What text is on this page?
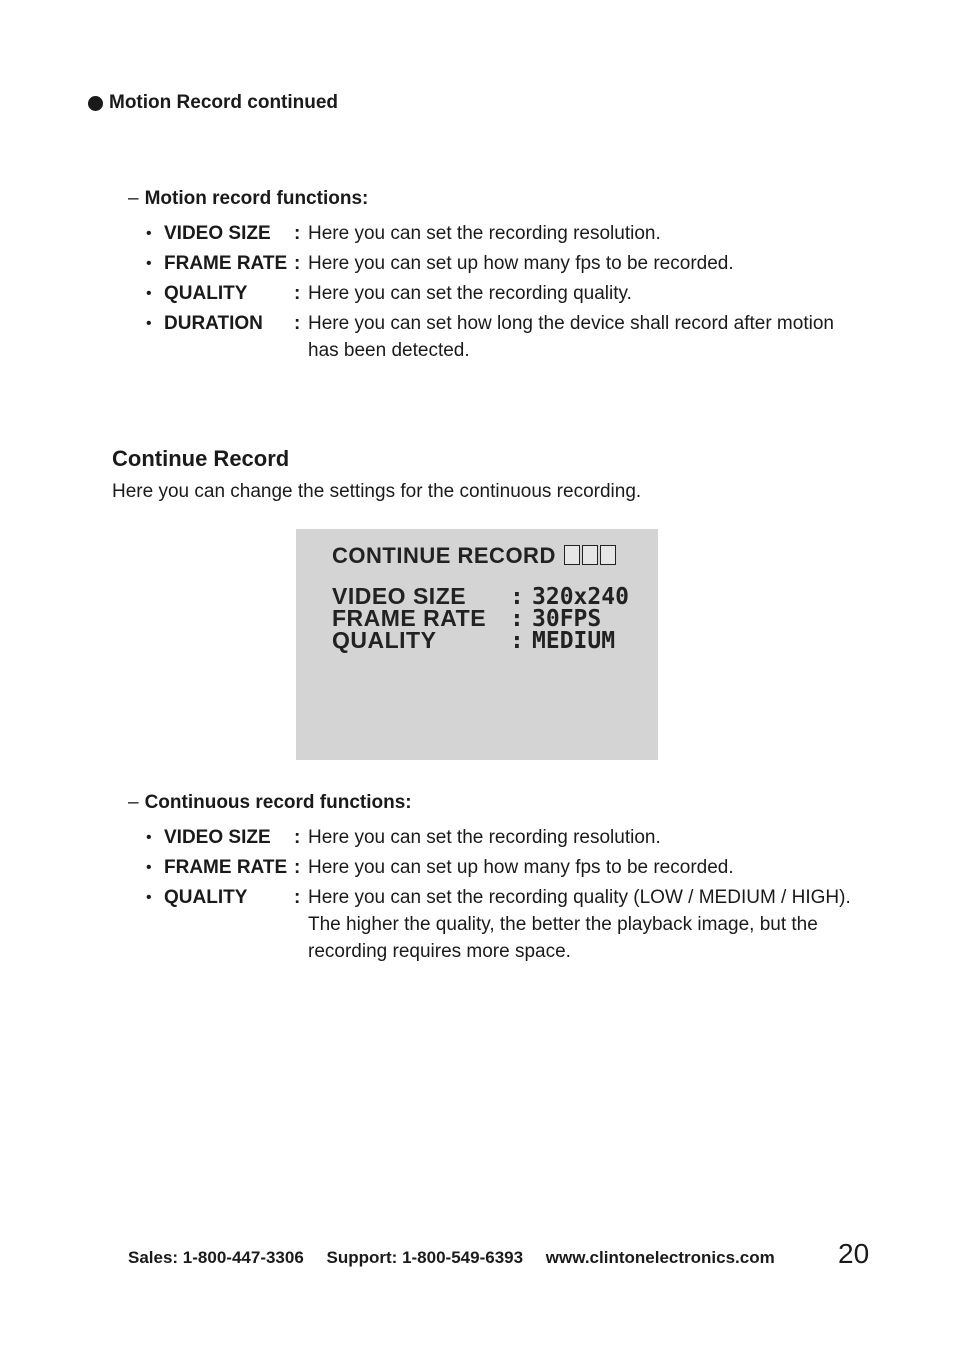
Motion Record continued
– Motion record functions:
• VIDEO SIZE : Here you can set the recording resolution.
• FRAME RATE : Here you can set up how many fps to be recorded.
• QUALITY : Here you can set the recording quality.
• DURATION : Here you can set how long the device shall record after motion has been detected.
Continue Record
Here you can change the settings for the continuous recording.
CONTINUE RECORD
VIDEO SIZE : 320x240
FRAME RATE : 30FPS
QUALITY	: MEDIUM
– Continuous record functions:
• VIDEO SIZE : Here you can set the recording resolution.
• FRAME RATE : Here you can set up how many fps to be recorded.
• QUALITY : Here you can set the recording quality (LOW / MEDIUM / HIGH). The higher the quality, the better the playback image, but the recording requires more space.
Sales: 1-800-447-3306 Support: 1-800-549-6393 www.clintonelectronics.com	20
